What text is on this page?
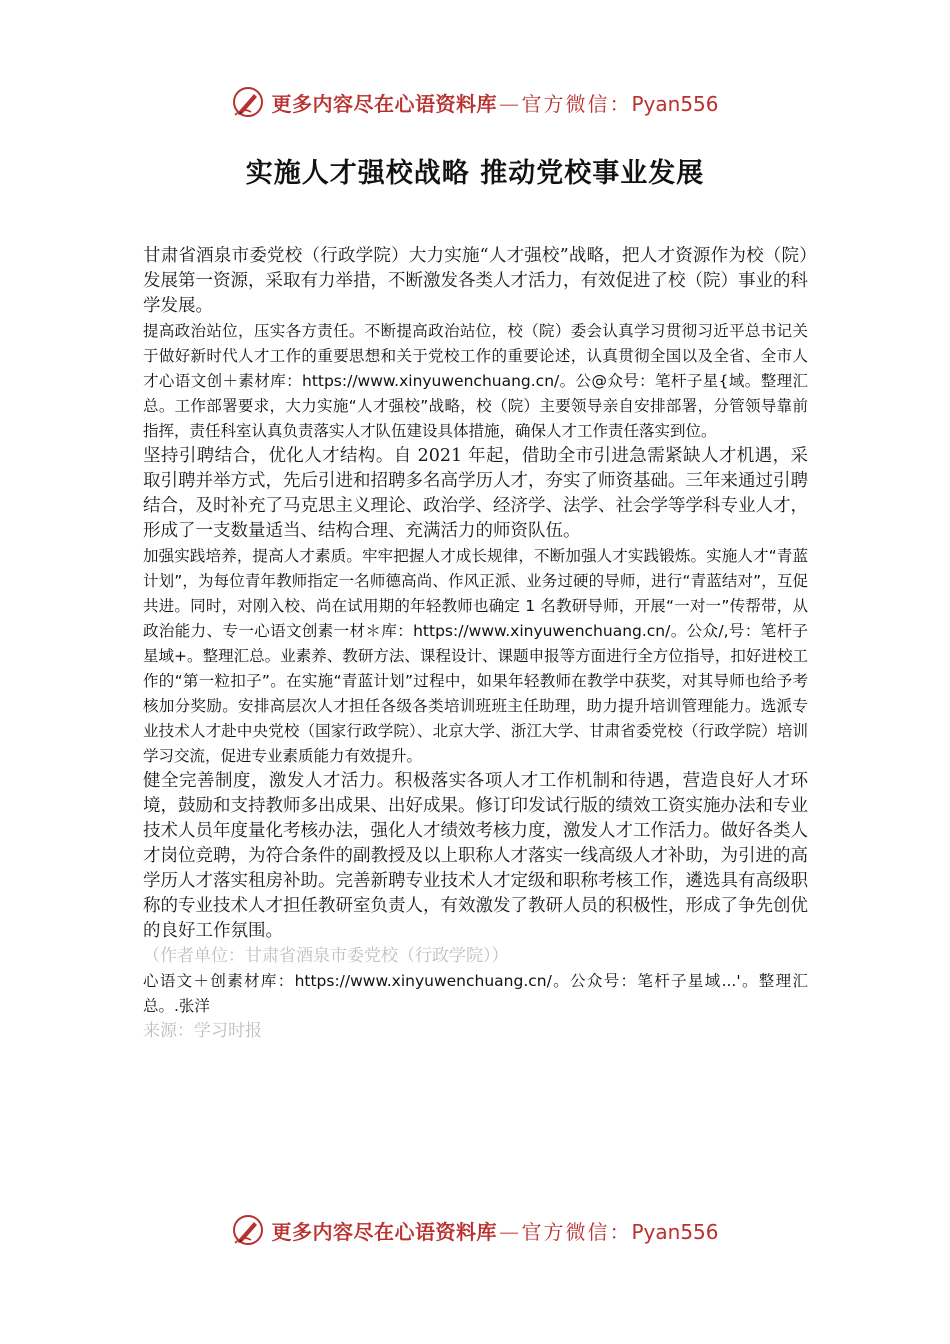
更多内容尽在心语资料库 — 官方微信：Pyan556
实施人才强校战略 推动党校事业发展

甘肃省酒泉市委党校（行政学院）大力实施“人才强校”战略，把人才资源作为校（院）发展第一资源，采取有力举措，不断激发各类人才活力，有效促进了校（院）事业的科学发展。

提高政治站位，压实各方责任。不断提高政治站位，校（院）委会认真学习贯彻习近平总书记关于做好新时代人才工作的重要思想和关于党校工作的重要论述，认真贯彻全国以及全省、全市人才心语文创＋素材库：https://www.xinyuwenchuang.cn/。公@众号：笔杆子星{域。整理汇总。工作部署要求，大力实施“人才强校”战略，校（院）主要领导亲自安排部署，分管领导靠前指挥，责任科室认真负责落实人才队伍建设具体措施，确保人才工作责任落实到位。

坚持引聘结合，优化人才结构。自 2021 年起，借助全市引进急需紧缺人才机遇，采取引聘并举方式，先后引进和招聘多名高学历人才，夯实了师资基础。三年来通过引聘结合，及时补充了马克思主义理论、政治学、经济学、法学、社会学等学科专业人才，形成了一支数量适当、结构合理、充满活力的师资队伍。

加强实践培养，提高人才素质。牢牢把握人才成长规律，不断加强人才实践锻炼。实施人才“青蓝计划”，为每位青年教师指定一名师德高尚、作风正派、业务过硬的导师，进行“青蓝结对”，互促共进。同时，对刚入校、尚在试用期的年轻教师也确定 1 名教研导师，开展“一对一”传帮带，从政治能力、专一心语文创素一材＊库：https://www.xinyuwenchuang.cn/。公众/,号：笔杆子星域+。整理汇总。业素养、教研方法、课程设计、课题申报等方面进行全方位指导，扣好进校工作的“第一粒扣子”。在实施“青蓝计划”过程中，如果年轻教师在教学中获奖，对其导师也给予考核加分奖励。安排高层次人才担任各级各类培训班班主任助理，助力提升培训管理能力。选派专业技术人才赴中央党校（国家行政学院）、北京大学、浙江大学、甘肃省委党校（行政学院）培训学习交流，促进专业素质能力有效提升。

健全完善制度，激发人才活力。积极落实各项人才工作机制和待遇，营造良好人才环境，鼓励和支持教师多出成果、出好成果。修订印发试行版的绩效工资实施办法和专业技术人员年度量化考核办法，强化人才绩效考核力度，激发人才工作活力。做好各类人才岗位竞聘，为符合条件的副教授及以上职称人才落实一线高级人才补助，为引进的高学历人才落实租房补助。完善新聘专业技术人才定级和职称考核工作，遴选具有高级职称的专业技术人才担任教研室负责人，有效激发了教研人员的积极性，形成了争先创优的良好工作氛围。

（作者单位：甘肃省酒泉市委党校（行政学院））

心语文＋创素材库：https://www.xinyuwenchuang.cn/。公众号：笔杆子星域...'。整理汇总。.张洋

来源：学习时报

更多内容尽在心语资料库 — 官方微信：Pyan556
